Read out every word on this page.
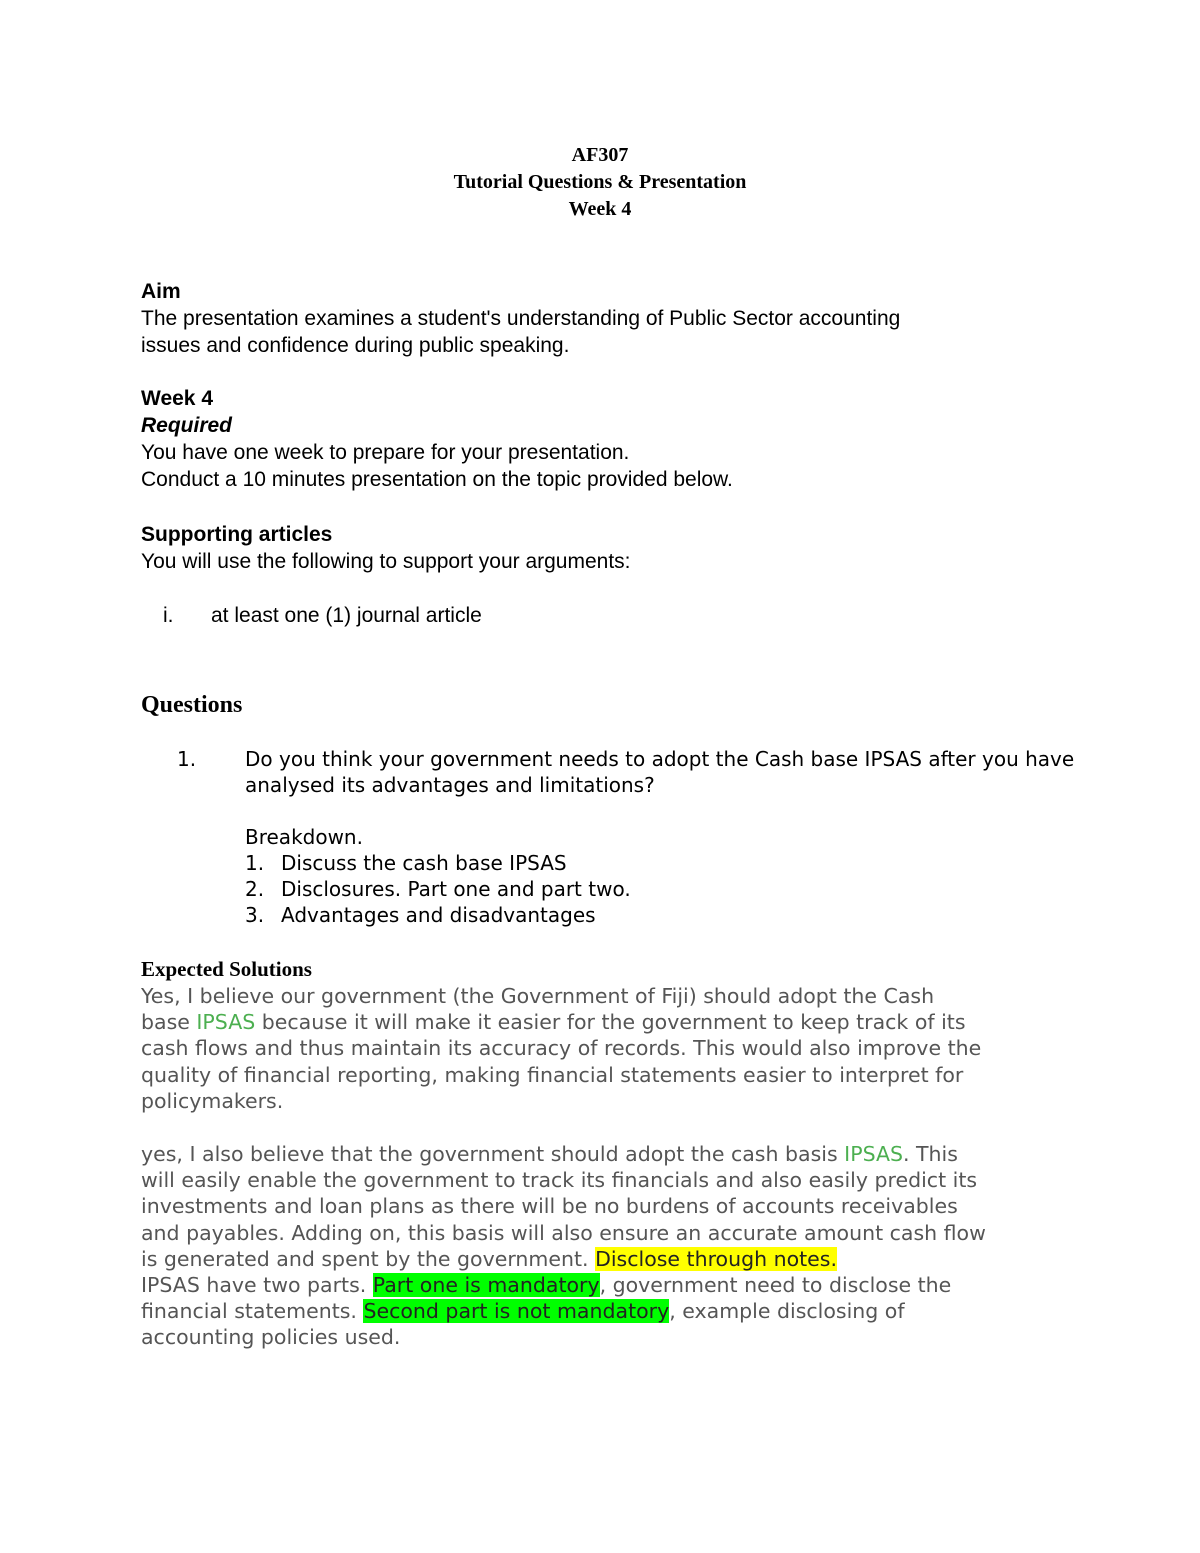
AF307
Tutorial Questions & Presentation
Week 4
Aim
The presentation examines a student's understanding of Public Sector accounting
issues and confidence during public speaking.
Week 4
Required
You have one week to prepare for your presentation.
Conduct a 10 minutes presentation on the topic provided below.
Supporting articles
You will use the following to support your arguments:
i. at least one (1) journal article
Questions
1. Do you think your government needs to adopt the Cash base IPSAS after you have
analysed its advantages and limitations?
Breakdown.
1. Discuss the cash base IPSAS
2. Disclosures. Part one and part two.
3. Advantages and disadvantages
Expected Solutions
Yes, I believe our government (the Government of Fiji) should adopt the Cash
base IPSAS because it will make it easier for the government to keep track of its
cash flows and thus maintain its accuracy of records. This would also improve the
quality of financial reporting, making financial statements easier to interpret for
policymakers.
yes, I also believe that the government should adopt the cash basis IPSAS. This
will easily enable the government to track its financials and also easily predict its
investments and loan plans as there will be no burdens of accounts receivables
and payables. Adding on, this basis will also ensure an accurate amount cash flow
is generated and spent by the government. Disclose through notes.
IPSAS have two parts. Part one is mandatory, government need to disclose the
financial statements. Second part is not mandatory, example disclosing of
accounting policies used.
